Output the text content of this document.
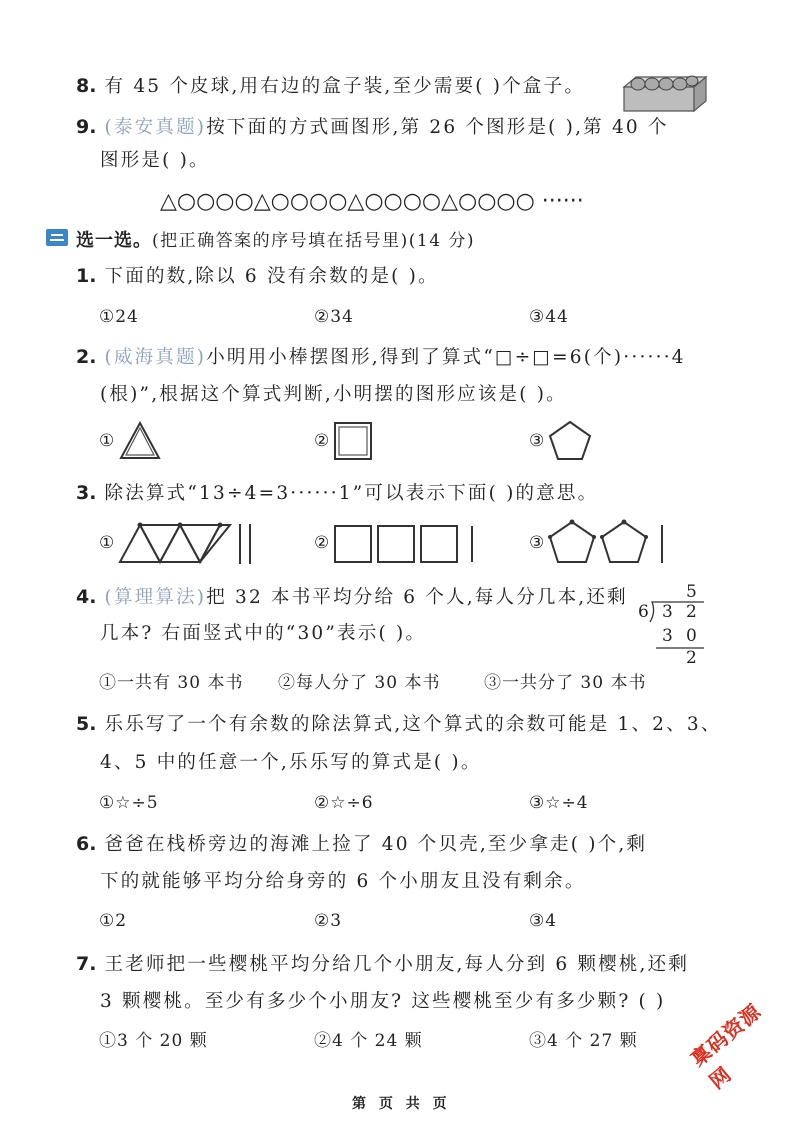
8. 有 45 个皮球,用右边的盒子装,至少需要( )个盒子。
9. (泰安真题)按下面的方式画图形,第 26 个图形是( ),第 40 个
图形是( )。
△○○○○△○○○○△○○○○△○○○○ ······
选一选。(把正确答案的序号填在括号里)(14 分)
1. 下面的数,除以 6 没有余数的是( )。
①24	②34	③44
2. (威海真题)小明用小棒摆图形,得到了算式“□÷□=6(个)······4
(根)”,根据这个算式判断,小明摆的图形应该是( )。
①	②	③
3. 除法算式“13÷4=3······1”可以表示下面( )的意思。
①	②	③
4. (算理算法)把 32 本书平均分给 6 个人,每人分几本,还剩
几本? 右面竖式中的“30”表示( )。
5
6 3 2
3 0
2
①一共有 30 本书 ②每人分了 30 本书	③一共分了 30 本书
5. 乐乐写了一个有余数的除法算式,这个算式的余数可能是 1、2、3、
4、5 中的任意一个,乐乐写的算式是( )。
①☆÷5	②☆÷6	③☆÷4
6. 爸爸在栈桥旁边的海滩上捡了 40 个贝壳,至少拿走( )个,剩
下的就能够平均分给身旁的 6 个小朋友且没有剩余。
①2	②3	③4
7. 王老师把一些樱桃平均分给几个小朋友,每人分到 6 颗樱桃,还剩
3 颗樱桃。至少有多少个小朋友? 这些樱桃至少有多少颗? ( )
①3 个 20 颗	②4 个 24 颗	③4 个 27 颗 稟码资源网
第 页 共 页
